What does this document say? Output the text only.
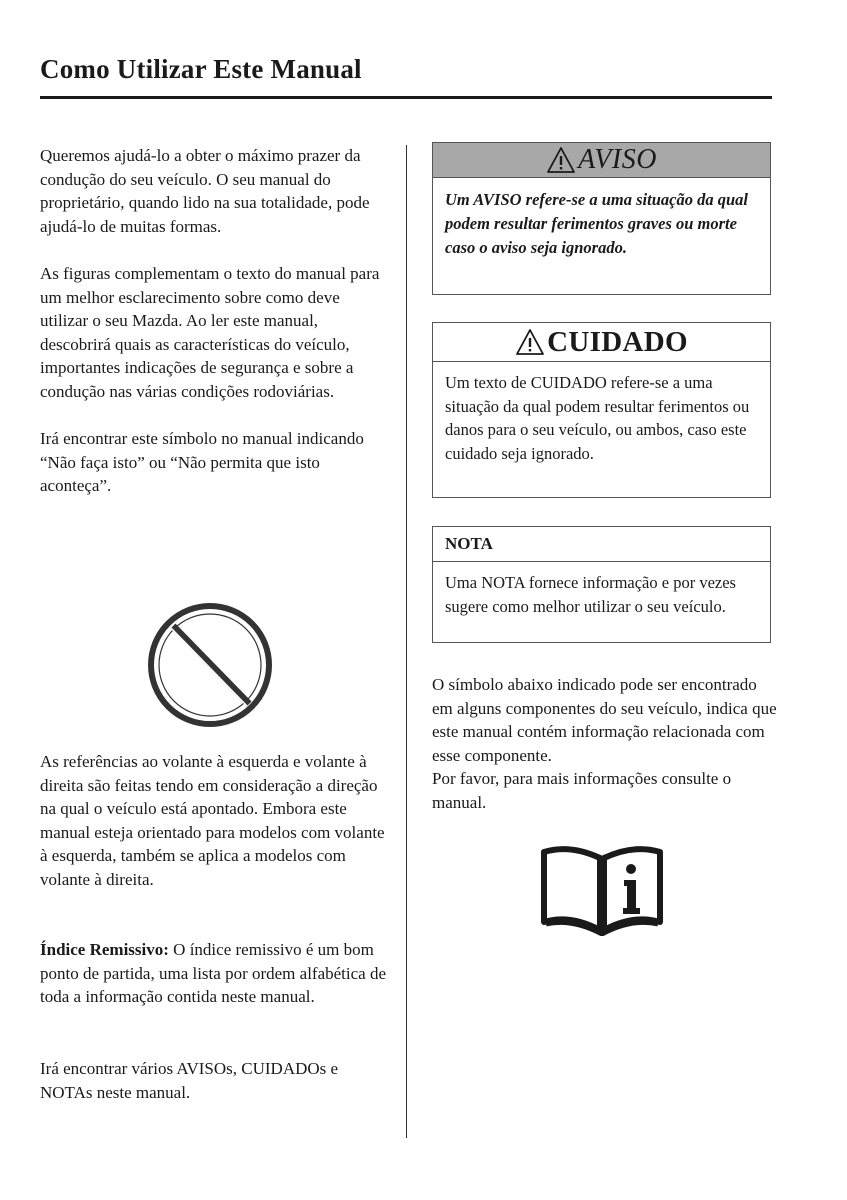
Como Utilizar Este Manual

Queremos ajudá-lo a obter o máximo prazer da condução do seu veículo. O seu manual do proprietário, quando lido na sua totalidade, pode ajudá-lo de muitas formas.

As figuras complementam o texto do manual para um melhor esclarecimento sobre como deve utilizar o seu Mazda. Ao ler este manual, descobrirá quais as características do veículo, importantes indicações de segurança e sobre a condução nas várias condições rodoviárias.

Irá encontrar este símbolo no manual indicando “Não faça isto” ou “Não permita que isto aconteça”.

As referências ao volante à esquerda e volante à direita são feitas tendo em consideração a direção na qual o veículo está apontado. Embora este manual esteja orientado para modelos com volante à esquerda, também se aplica a modelos com volante à direita.

Índice Remissivo: O índice remissivo é um bom ponto de partida, uma lista por ordem alfabética de toda a informação contida neste manual.

Irá encontrar vários AVISOs, CUIDADOs e NOTAs neste manual.

AVISO
Um AVISO refere-se a uma situação da qual podem resultar ferimentos graves ou morte caso o aviso seja ignorado.
CUIDADO
Um texto de CUIDADO refere-se a uma situação da qual podem resultar ferimentos ou danos para o seu veículo, ou ambos, caso este cuidado seja ignorado.
NOTA
Uma NOTA fornece informação e por vezes sugere como melhor utilizar o seu veículo.

O símbolo abaixo indicado pode ser encontrado em alguns componentes do seu veículo, indica que este manual contém informação relacionada com esse componente.
Por favor, para mais informações consulte o manual.
